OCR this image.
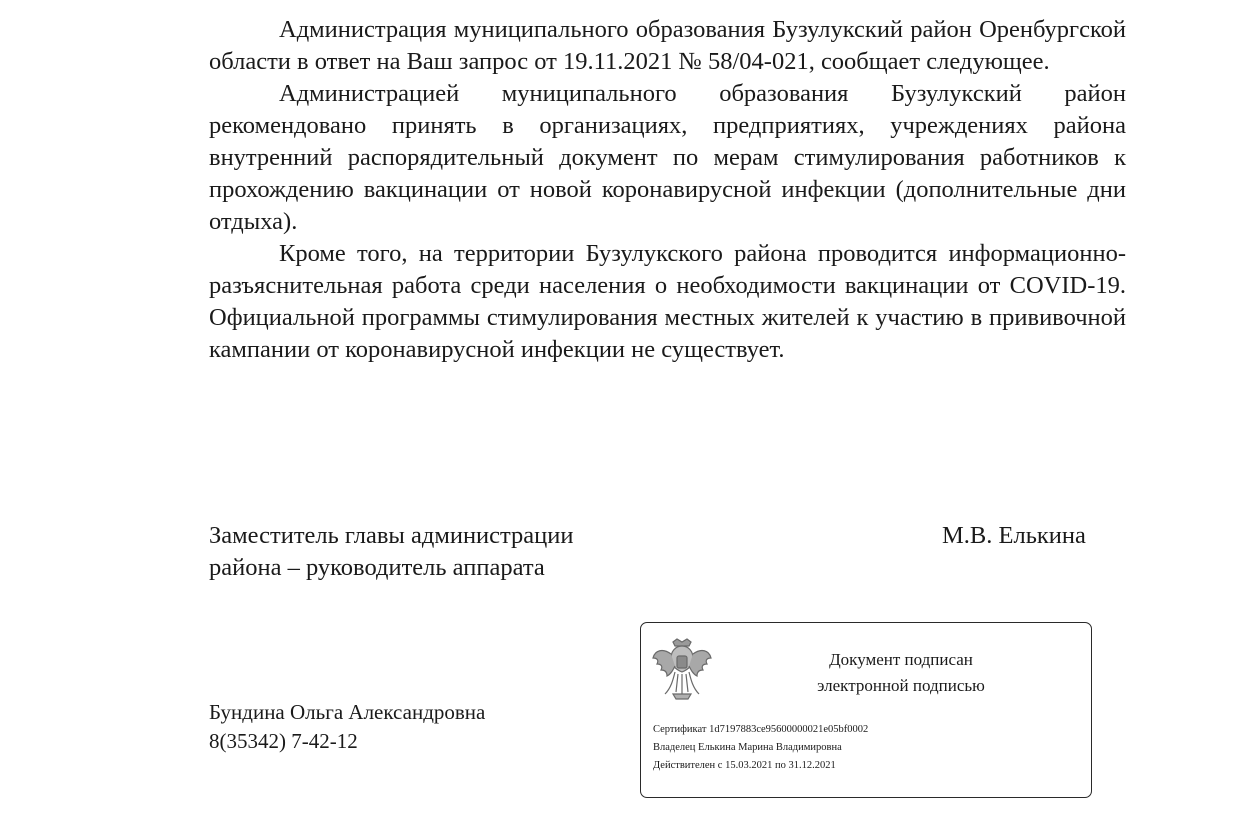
Администрация муниципального образования Бузулукский район Оренбургской области в ответ на Ваш запрос от 19.11.2021 № 58/04-021, сообщает следующее.

Администрацией муниципального образования Бузулукский район рекомендовано принять в организациях, предприятиях, учреждениях района внутренний распорядительный документ по мерам стимулирования работников к прохождению вакцинации от новой коронавирусной инфекции (дополнительные дни отдыха).

Кроме того, на территории Бузулукского района проводится информационно-разъяснительная работа среди населения о необходимости вакцинации от COVID-19. Официальной программы стимулирования местных жителей к участию в прививочной кампании от коронавирусной инфекции не существует.

Заместитель главы администрации
района – руководитель аппарата
М.В. Елькина
Бундина Ольга Александровна
8(35342) 7-42-12
Документ подписан
электронной подписью
Сертификат 1d7197883ce95600000021e05bf0002
Владелец Елькина Марина Владимировна
Действителен с 15.03.2021 по 31.12.2021
